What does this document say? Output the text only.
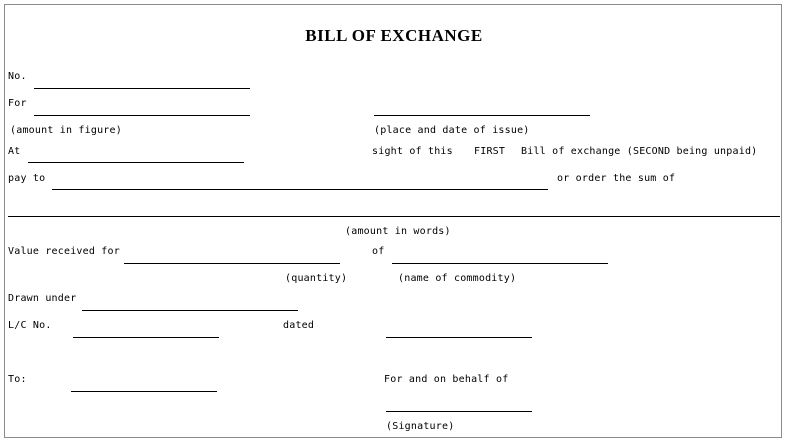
BILL OF EXCHANGE
No.
For
(amount in figure)	(place and date of issue)
At	sight of this FIRST Bill of exchange (SECOND being unpaid)
pay to	or order the sum of
(amount in words)
Value received for	of
(quantity)	(name of commodity)
Drawn under
L/C No.	dated
To:	For and on behalf of
(Signature)
